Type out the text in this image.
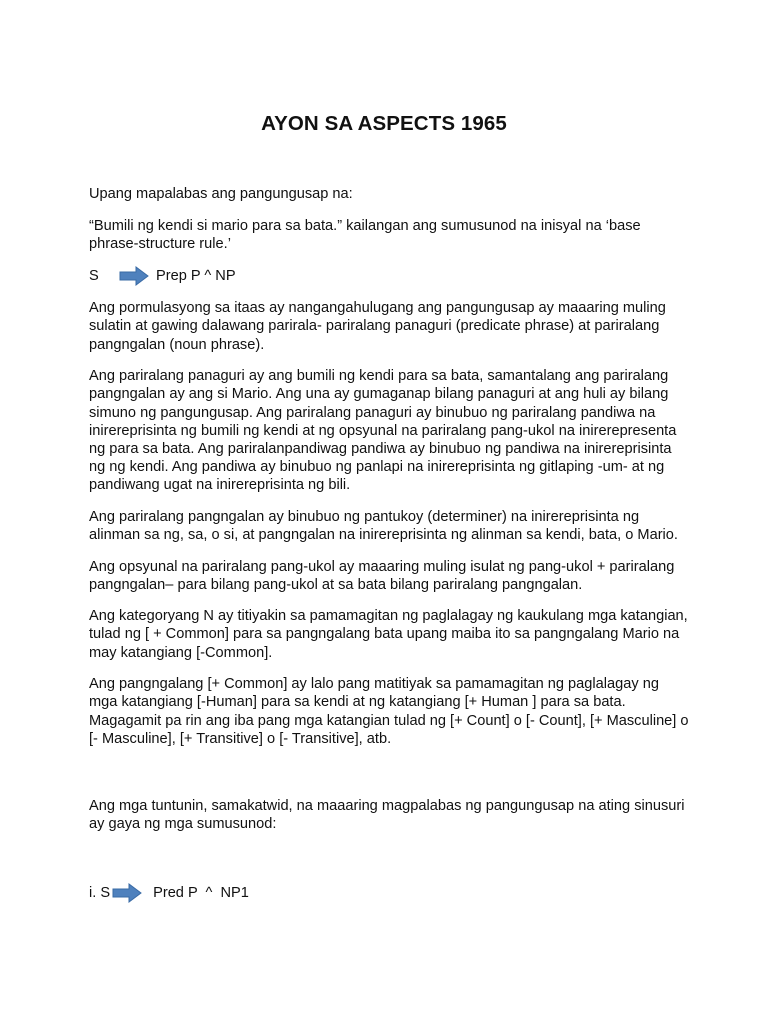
AYON SA ASPECTS 1965

Upang mapalabas ang pangungusap na:

“Bumili ng kendi si mario para sa bata.” kailangan ang sumusunod na inisyal na ‘base phrase-structure rule.’

S	Prep P ^ NP

Ang pormulasyong sa itaas ay nangangahulugang ang pangungusap ay maaaring muling sulatin at gawing dalawang parirala- pariralang panaguri (predicate phrase) at pariralang pangngalan (noun phrase).

Ang pariralang panaguri ay ang bumili ng kendi para sa bata, samantalang ang pariralang pangngalan ay ang si Mario. Ang una ay gumaganap bilang panaguri at ang huli ay bilang simuno ng pangungusap. Ang pariralang panaguri ay binubuo ng pariralang pandiwa na inirereprisinta ng bumili ng kendi at ng opsyunal na pariralang pang-ukol na inirerepresenta ng para sa bata. Ang pariralanpandiwag pandiwa ay binubuo ng pandiwa na inirereprisinta ng ng kendi. Ang pandiwa ay binubuo ng panlapi na inirereprisinta ng gitlaping -um- at ng pandiwang ugat na inirereprisinta ng bili.

Ang pariralang pangngalan ay binubuo ng pantukoy (determiner) na inirereprisinta ng alinman sa ng, sa, o si, at pangngalan na inirereprisinta ng alinman sa kendi, bata, o Mario.

Ang opsyunal na pariralang pang-ukol ay maaaring muling isulat ng pang-ukol + pariralang pangngalan– para bilang pang-ukol at sa bata bilang pariralang pangngalan.

Ang kategoryang N ay titiyakin sa pamamagitan ng paglalagay ng kaukulang mga katangian, tulad ng [ + Common] para sa pangngalang bata upang maiba ito sa pangngalang Mario na may katangiang [-Common].

Ang pangngalang [+ Common] ay lalo pang matitiyak sa pamamagitan ng paglalagay ng mga katangiang [-Human] para sa kendi at ng katangiang [+ Human ] para sa bata. Magagamit pa rin ang iba pang mga katangian tulad ng [+ Count] o [- Count], [+ Masculine] o [- Masculine], [+ Transitive] o [- Transitive], atb.

Ang mga tuntunin, samakatwid, na maaaring magpalabas ng pangungusap na ating sinusuri ay gaya ng mga sumusunod:

i. S	Pred P  ^  NP1
